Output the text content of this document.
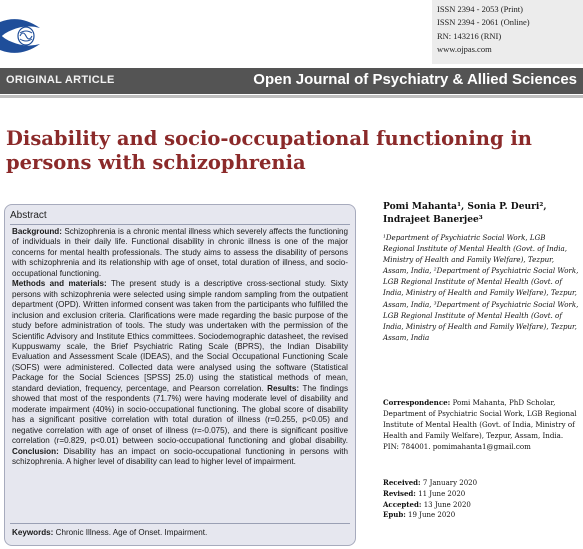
ISSN 2394 - 2053 (Print)
ISSN 2394 - 2061 (Online)
RN: 143216 (RNI)
www.ojpas.com
ORIGINAL ARTICLE	Open Journal of Psychiatry & Allied Sciences
Disability and socio-occupational functioning in persons with schizophrenia
Abstract

Background: Schizophrenia is a chronic mental illness which severely affects the functioning of individuals in their daily life. Functional disability in chronic illness is one of the major concerns for mental health professionals. The study aims to assess the disability of persons with schizophrenia and its relationship with age of onset, total duration of illness, and socio-occupational functioning.
Methods and materials: The present study is a descriptive cross-sectional study. Sixty persons with schizophrenia were selected using simple random sampling from the outpatient department (OPD). Written informed consent was taken from the participants who fulfilled the inclusion and exclusion criteria. Clarifications were made regarding the basic purpose of the study before administration of tools. The study was undertaken with the permission of the Scientific Advisory and Institute Ethics committees. Sociodemographic datasheet, the revised Kuppuswamy scale, the Brief Psychiatric Rating Scale (BPRS), the Indian Disability Evaluation and Assessment Scale (IDEAS), and the Social Occupational Functioning Scale (SOFS) were administered. Collected data were analysed using the software (Statistical Package for the Social Sciences [SPSS] 25.0) using the statistical methods of mean, standard deviation, frequency, percentage, and Pearson correlation. Results: The findings showed that most of the respondents (71.7%) were having moderate level of disability and moderate impairment (40%) in socio-occupational functioning. The global score of disability has a significant positive correlation with total duration of illness (r=0.255, p<0.05) and negative correlation with age of onset of illness (r=-0.075), and there is significant positive correlation (r=0.829, p<0.01) between socio-occupational functioning and global disability. Conclusion: Disability has an impact on socio-occupational functioning in persons with schizophrenia. A higher level of disability can lead to higher level of impairment.

Keywords: Chronic Illness. Age of Onset. Impairment.

Pomi Mahanta¹, Sonia P. Deuri², Indrajeet Banerjee³

¹Department of Psychiatric Social Work, LGB Regional Institute of Mental Health (Govt. of India, Ministry of Health and Family Welfare), Tezpur, Assam, India, ²Department of Psychiatric Social Work, LGB Regional Institute of Mental Health (Govt. of India, Ministry of Health and Family Welfare), Tezpur, Assam, India, ³Department of Psychiatric Social Work, LGB Regional Institute of Mental Health (Govt. of India, Ministry of Health and Family Welfare), Tezpur, Assam, India

Correspondence: Pomi Mahanta, PhD Scholar, Department of Psychiatric Social Work, LGB Regional Institute of Mental Health (Govt. of India, Ministry of Health and Family Welfare), Tezpur, Assam, India. PIN: 784001. pomimahanta1@gmail.com

Received: 7 January 2020
Revised: 11 June 2020
Accepted: 13 June 2020
Epub: 19 June 2020
